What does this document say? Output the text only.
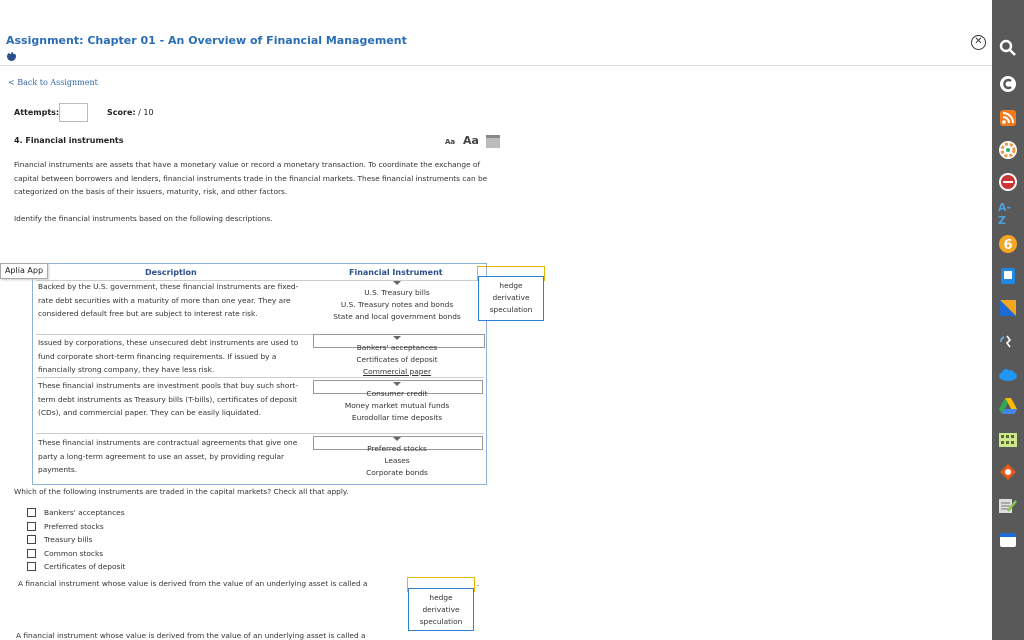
Assignment: Chapter 01 - An Overview of Financial Management
•••
✕
< Back to Assignment
Attempts:	Score: / 10
4. Financial instruments	Aa Aa
Financial instruments are assets that have a monetary value or record a monetary transaction. To coordinate the exchange of capital between borrowers and lenders, financial instruments trade in the financial markets. These financial instruments can be categorized on the basis of their issuers, maturity, risk, and other factors.
Identify the financial instruments based on the following descriptions.
Description	Financial Instrument
Backed by the U.S. government, these financial instruments are fixed-rate debt securities with a maturity of more than one year. They are considered default free but are subject to interest rate risk.
U.S. Treasury bills
U.S. Treasury notes and bonds
State and local government bonds
Issued by corporations, these unsecured debt instruments are used to fund corporate short-term financing requirements. If issued by a financially strong company, they have less risk.
Bankers' acceptances
Certificates of deposit
Commercial paper
These financial instruments are investment pools that buy such short-term debt instruments as Treasury bills (T-bills), certificates of deposit (CDs), and commercial paper. They can be easily liquidated.
Consumer credit
Money market mutual funds
Eurodollar time deposits
These financial instruments are contractual agreements that give one party a long-term agreement to use an asset, by providing regular payments.
Preferred stocks
Leases
Corporate bonds
Aplia App
hedge
derivative
speculation
Which of the following instruments are traded in the capital markets? Check all that apply.
Bankers' acceptances
Preferred stocks
Treasury bills
Common stocks
Certificates of deposit
A financial instrument whose value is derived from the value of an underlying asset is called a	.
hedge
derivative
speculation
A financial instrument whose value is derived from the value of an underlying asset is called a
A-Z
6
